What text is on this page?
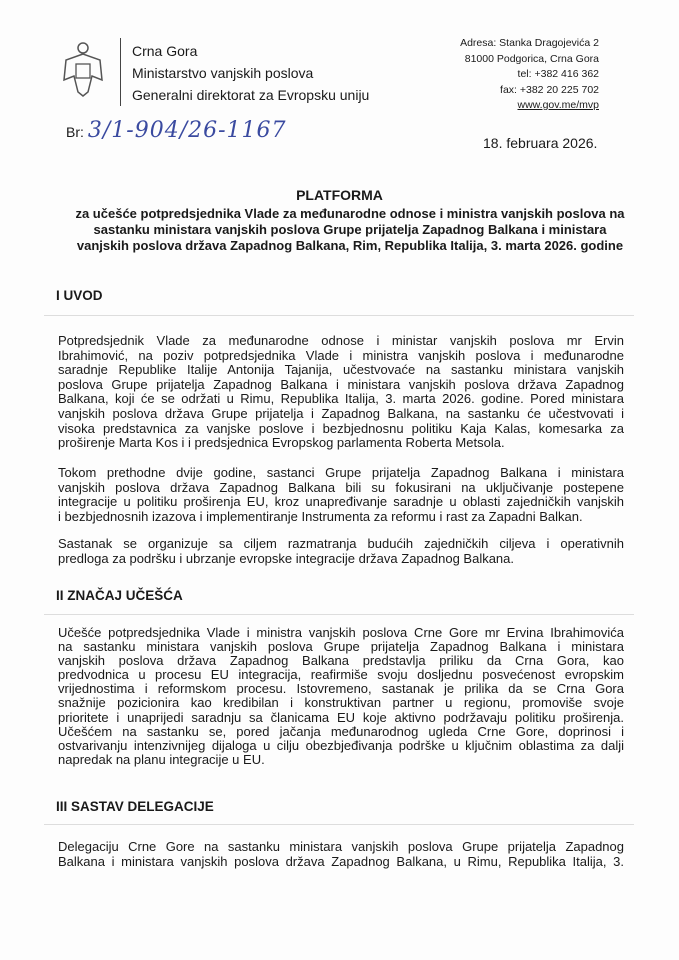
Crna Gora
Ministarstvo vanjskih poslova
Generalni direktorat za Evropsku uniju
Adresa: Stanka Dragojevića 2
81000 Podgorica, Crna Gora
tel: +382 416 362
fax: +382 20 225 702
www.gov.me/mvp
Br: 3/1-904/26-1167	18. februara 2026.
PLATFORMA
za učešće potpredsjednika Vlade za međunarodne odnose i ministra vanjskih poslova na sastanku ministara vanjskih poslova Grupe prijatelja Zapadnog Balkana i ministara vanjskih poslova država Zapadnog Balkana, Rim, Republika Italija, 3. marta 2026. godine
I UVOD
Potpredsjednik Vlade za međunarodne odnose i ministar vanjskih poslova mr Ervin
Ibrahimović, na poziv potpredsjednika Vlade i ministra vanjskih poslova i međunarodne
saradnje Republike Italije Antonija Tajanija, učestvovaće na sastanku ministara vanjskih
poslova Grupe prijatelja Zapadnog Balkana i ministara vanjskih poslova država Zapadnog
Balkana, koji će se održati u Rimu, Republika Italija, 3. marta 2026. godine. Pored ministara
vanjskih poslova država Grupe prijatelja i Zapadnog Balkana, na sastanku će učestvovati i
visoka predstavnica za vanjske poslove i bezbjednosnu politiku Kaja Kalas, komesarka za
proširenje Marta Kos i i predsjednica Evropskog parlamenta Roberta Metsola.
Tokom prethodne dvije godine, sastanci Grupe prijatelja Zapadnog Balkana i ministara
vanjskih poslova država Zapadnog Balkana bili su fokusirani na uključivanje postepene
integracije u politiku proširenja EU, kroz unapređivanje saradnje u oblasti zajedničkih vanjskih
i bezbjednosnih izazova i implementiranje Instrumenta za reformu i rast za Zapadni Balkan.
Sastanak se organizuje sa ciljem razmatranja budućih zajedničkih ciljeva i operativnih
predloga za podršku i ubrzanje evropske integracije država Zapadnog Balkana.
II ZNAČAJ UČEŠĆA
Učešće potpredsjednika Vlade i ministra vanjskih poslova Crne Gore mr Ervina Ibrahimovića
na sastanku ministara vanjskih poslova Grupe prijatelja Zapadnog Balkana i ministara
vanjskih poslova država Zapadnog Balkana predstavlja priliku da Crna Gora, kao
predvodnica u procesu EU integracija, reafirmiše svoju dosljednu posvećenost evropskim
vrijednostima i reformskom procesu. Istovremeno, sastanak je prilika da se Crna Gora
snažnije pozicionira kao kredibilan i konstruktivan partner u regionu, promoviše svoje
prioritete i unaprijedi saradnju sa članicama EU koje aktivno podržavaju politiku proširenja.
Učešćem na sastanku se, pored jačanja međunarodnog ugleda Crne Gore, doprinosi i
ostvarivanju intenzivnijeg dijaloga u cilju obezbjeđivanja podrške u ključnim oblastima za dalji
napredak na planu integracije u EU.
III SASTAV DELEGACIJE
Delegaciju Crne Gore na sastanku ministara vanjskih poslova Grupe prijatelja Zapadnog
Balkana i ministara vanjskih poslova država Zapadnog Balkana, u Rimu, Republika Italija, 3.
